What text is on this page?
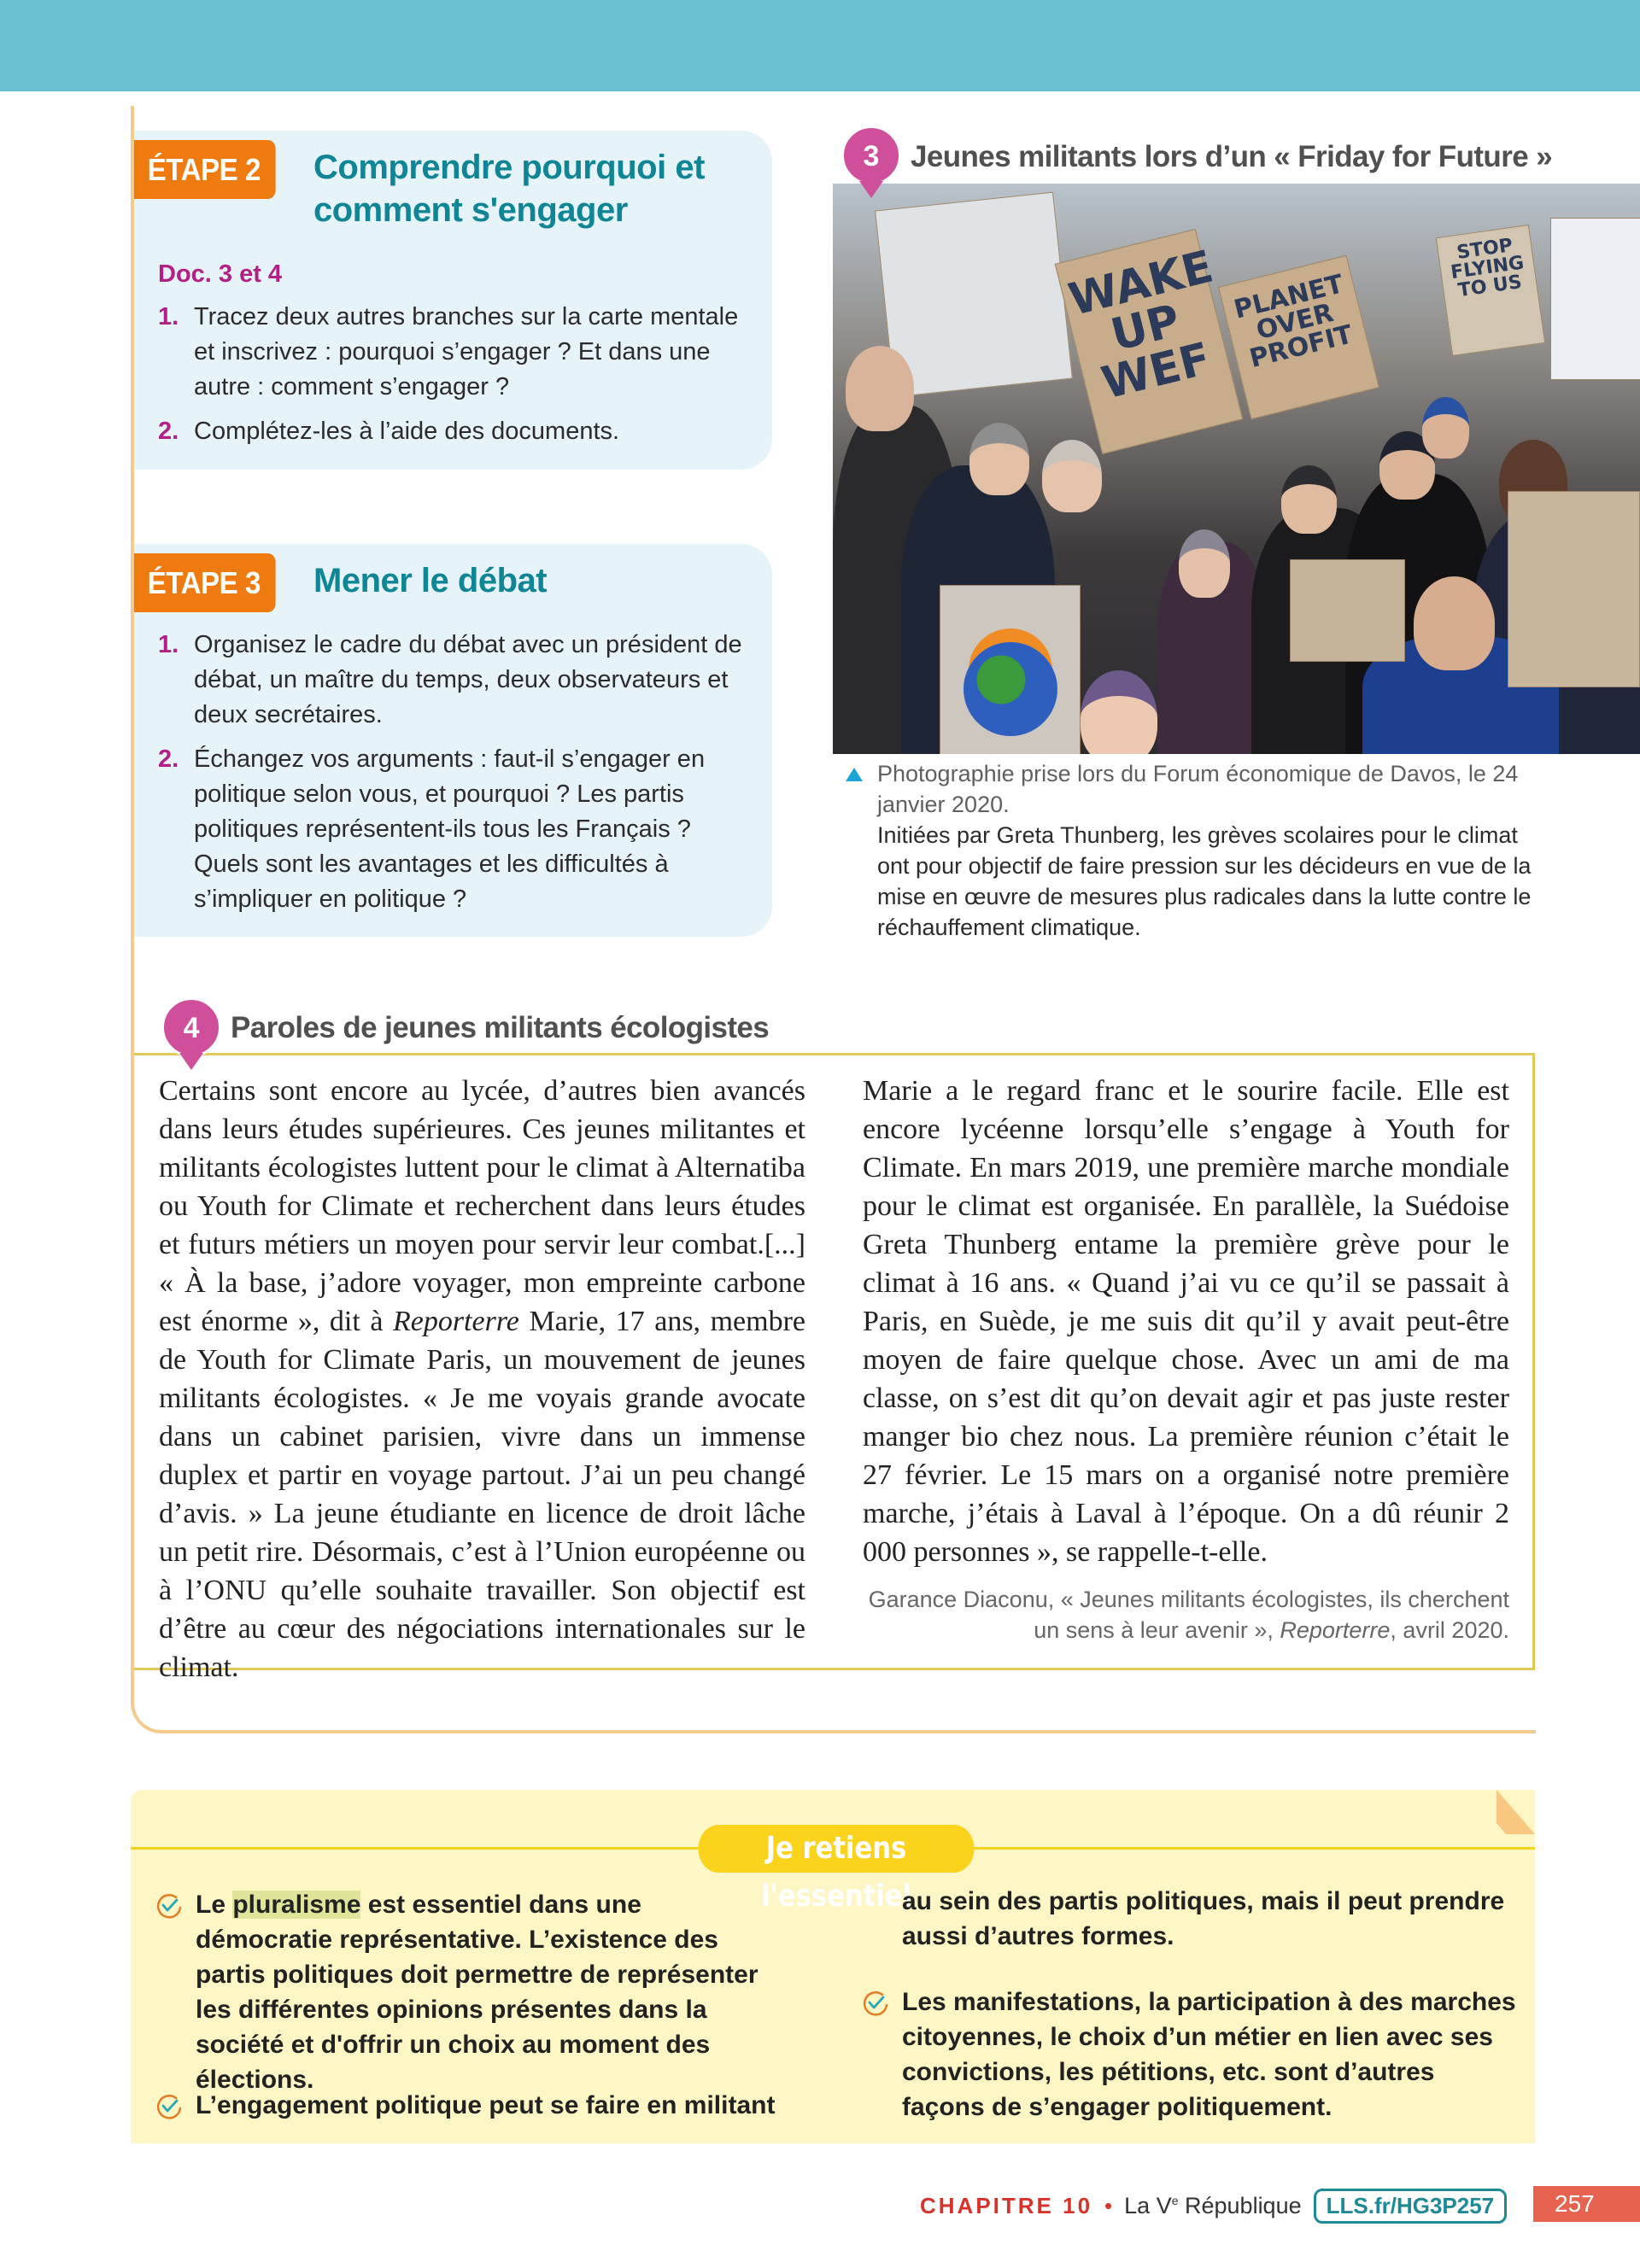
ÉTAPE 2	Comprendre pourquoi et comment s'engager
Doc. 3 et 4
1. Tracez deux autres branches sur la carte mentale et inscrivez : pourquoi s’engager ? Et dans une autre : comment s’engager ?
2. Complétez-les à l’aide des documents.
ÉTAPE 3	Mener le débat
1. Organisez le cadre du débat avec un président de débat, un maître du temps, deux observateurs et deux secrétaires.
2. Échangez vos arguments : faut-il s’engager en politique selon vous, et pourquoi ? Les partis politiques représentent-ils tous les Français ? Quels sont les avantages et les difficultés à s’impliquer en politique ?
3	Jeunes militants lors d’un « Friday for Future »
WAKE UP WEF
PLANET OVER PROFIT
STOP FLYING TO US
Photographie prise lors du Forum économique de Davos, le 24 janvier 2020.
Initiées par Greta Thunberg, les grèves scolaires pour le climat ont pour objectif de faire pression sur les décideurs en vue de la mise en œuvre de mesures plus radicales dans la lutte contre le réchauffement climatique.
4	Paroles de jeunes militants écologistes
Certains sont encore au lycée, d’autres bien avancés dans leurs études supérieures. Ces jeunes militantes et militants écologistes luttent pour le climat à Alternatiba ou Youth for Climate et recherchent dans leurs études et futurs métiers un moyen pour servir leur combat.[...] « À la base, j’adore voyager, mon empreinte carbone est énorme », dit à Reporterre Marie, 17 ans, membre de Youth for Climate Paris, un mouvement de jeunes militants écologistes. « Je me voyais grande avocate dans un cabinet parisien, vivre dans un immense duplex et partir en voyage partout. J’ai un peu changé d’avis. » La jeune étudiante en licence de droit lâche un petit rire. Désormais, c’est à l’Union européenne ou à l’ONU qu’elle souhaite travailler. Son objectif est d’être au cœur des négociations internationales sur le climat.
Marie a le regard franc et le sourire facile. Elle est encore lycéenne lorsqu’elle s’engage à Youth for Climate. En mars 2019, une première marche mondiale pour le climat est organisée. En parallèle, la Suédoise Greta Thunberg entame la première grève pour le climat à 16 ans. « Quand j’ai vu ce qu’il se passait à Paris, en Suède, je me suis dit qu’il y avait peut-être moyen de faire quelque chose. Avec un ami de ma classe, on s’est dit qu’on devait agir et pas juste rester manger bio chez nous. La première réunion c’était le 27 février. Le 15 mars on a organisé notre première marche, j’étais à Laval à l’époque. On a dû réunir 2 000 personnes », se rappelle-t-elle.
Garance Diaconu, « Jeunes militants écologistes, ils cherchent un sens à leur avenir », Reporterre, avril 2020.
Je retiens l'essentiel
Le pluralisme est essentiel dans une démocratie représentative. L’existence des partis politiques doit permettre de représenter les différentes opinions présentes dans la société et d'offrir un choix au moment des élections.
L’engagement politique peut se faire en militant
au sein des partis politiques, mais il peut prendre aussi d’autres formes.
Les manifestations, la participation à des marches citoyennes, le choix d’un métier en lien avec ses convictions, les pétitions, etc. sont d’autres façons de s’engager politiquement.
CHAPITRE 10 • La Ve République	LLS.fr/HG3P257	257
